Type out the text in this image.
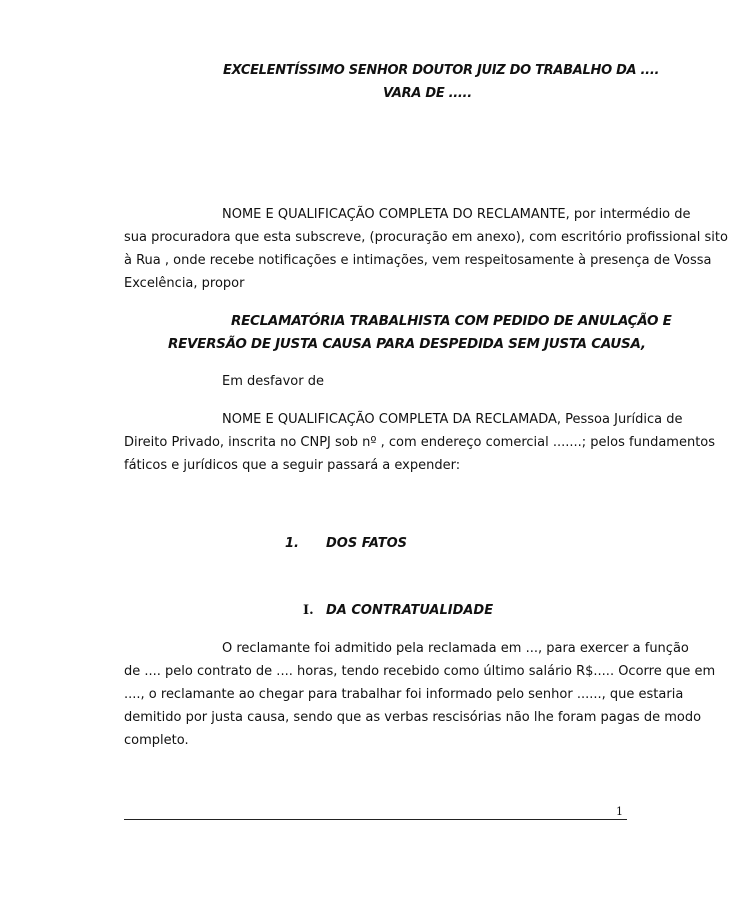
EXCELENTÍSSIMO SENHOR DOUTOR JUIZ DO TRABALHO DA ....
VARA DE .....
NOME E QUALIFICAÇÃO COMPLETA DO RECLAMANTE, por intermédio de
sua procuradora que esta subscreve, (procuração em anexo), com escritório profissional sito
à Rua , onde recebe notificações e intimações, vem respeitosamente à presença de Vossa
Excelência, propor
RECLAMATÓRIA TRABALHISTA COM PEDIDO DE ANULAÇÃO E
REVERSÃO DE JUSTA CAUSA PARA DESPEDIDA SEM JUSTA CAUSA,
Em desfavor de
NOME E QUALIFICAÇÃO COMPLETA DA RECLAMADA, Pessoa Jurídica de
Direito Privado, inscrita no CNPJ sob nº , com endereço comercial .......; pelos fundamentos
fáticos e jurídicos que a seguir passará a expender:
1. DOS FATOS
I. DA CONTRATUALIDADE
O reclamante foi admitido pela reclamada em ..., para exercer a função
de .... pelo contrato de .... horas, tendo recebido como último salário R$..... Ocorre que em
...., o reclamante ao chegar para trabalhar foi informado pelo senhor ......, que estaria
demitido por justa causa, sendo que as verbas rescisórias não lhe foram pagas de modo
completo.
1
